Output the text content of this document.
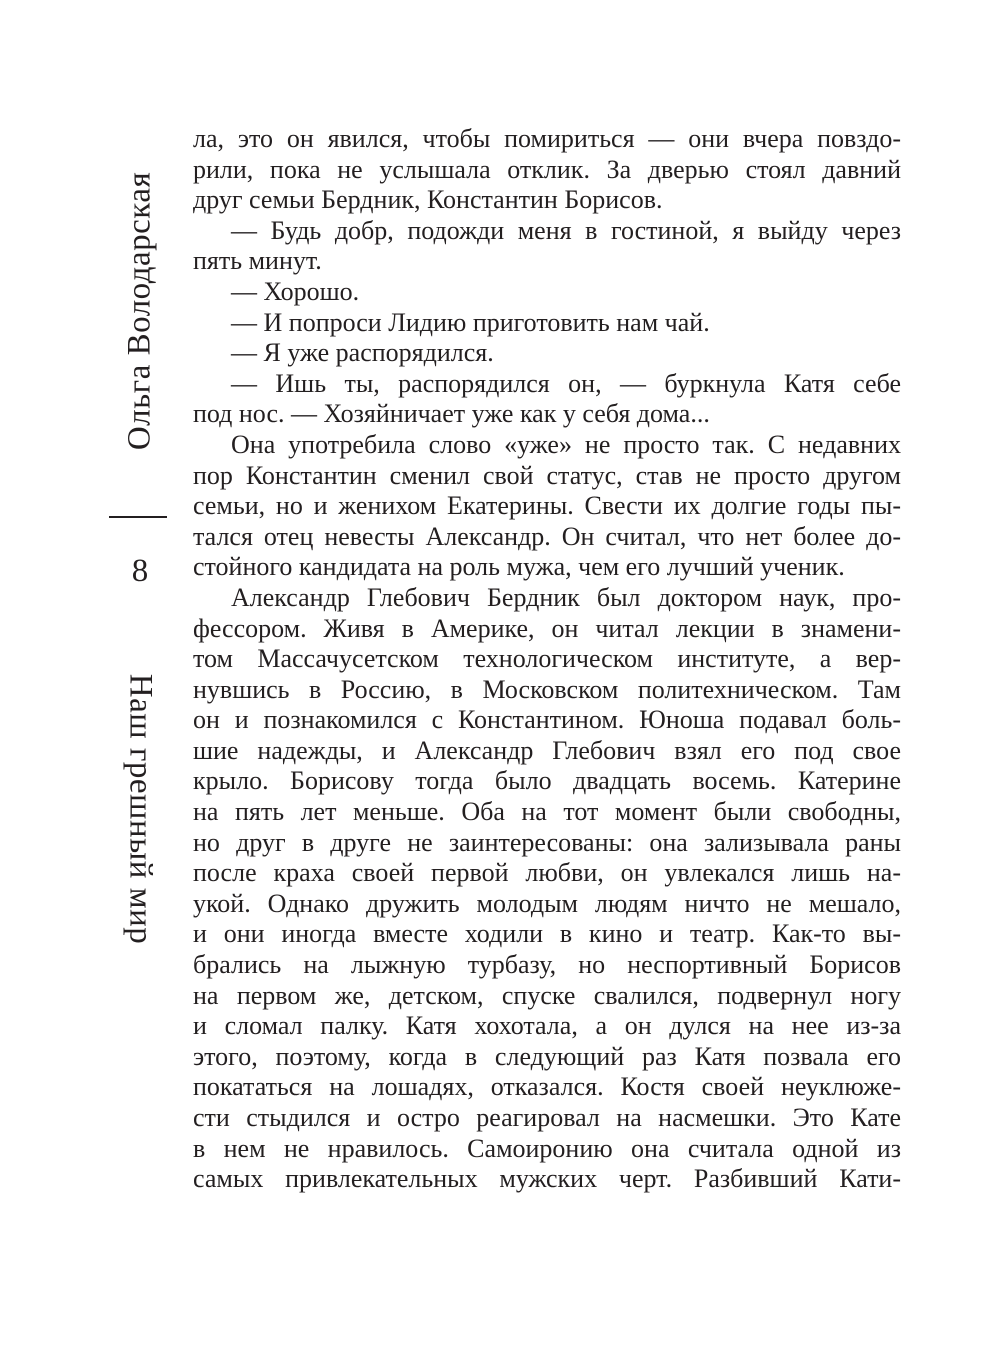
Ольга Володарская
8
Наш грешный мир
ла, это он явился, чтобы помириться — они вчера повздо-
рили, пока не услышала отклик. За дверью стоял давний
друг семьи Бердник, Константин Борисов.
— Будь добр, подожди меня в гостиной, я выйду через
пять минут.
— Хорошо.
— И попроси Лидию приготовить нам чай.
— Я уже распорядился.
— Ишь ты, распорядился он, — буркнула Катя себе
под нос. — Хозяйничает уже как у себя дома...
Она употребила слово «уже» не просто так. С недавних
пор Константин сменил свой статус, став не просто другом
семьи, но и женихом Екатерины. Свести их долгие годы пы-
тался отец невесты Александр. Он считал, что нет более до-
стойного кандидата на роль мужа, чем его лучший ученик.
Александр Глебович Бердник был доктором наук, про-
фессором. Живя в Америке, он читал лекции в знамени-
том Массачусетском технологическом институте, а вер-
нувшись в Россию, в Московском политехническом. Там
он и познакомился с Константином. Юноша подавал боль-
шие надежды, и Александр Глебович взял его под свое
крыло. Борисову тогда было двадцать восемь. Катерине
на пять лет меньше. Оба на тот момент были свободны,
но друг в друге не заинтересованы: она зализывала раны
после краха своей первой любви, он увлекался лишь на-
укой. Однако дружить молодым людям ничто не мешало,
и они иногда вместе ходили в кино и театр. Как-то вы-
брались на лыжную турбазу, но неспортивный Борисов
на первом же, детском, спуске свалился, подвернул ногу
и сломал палку. Катя хохотала, а он дулся на нее из-за
этого, поэтому, когда в следующий раз Катя позвала его
покататься на лошадях, отказался. Костя своей неуклюже-
сти стыдился и остро реагировал на насмешки. Это Кате
в нем не нравилось. Самоиронию она считала одной из
самых привлекательных мужских черт. Разбивший Кати-
